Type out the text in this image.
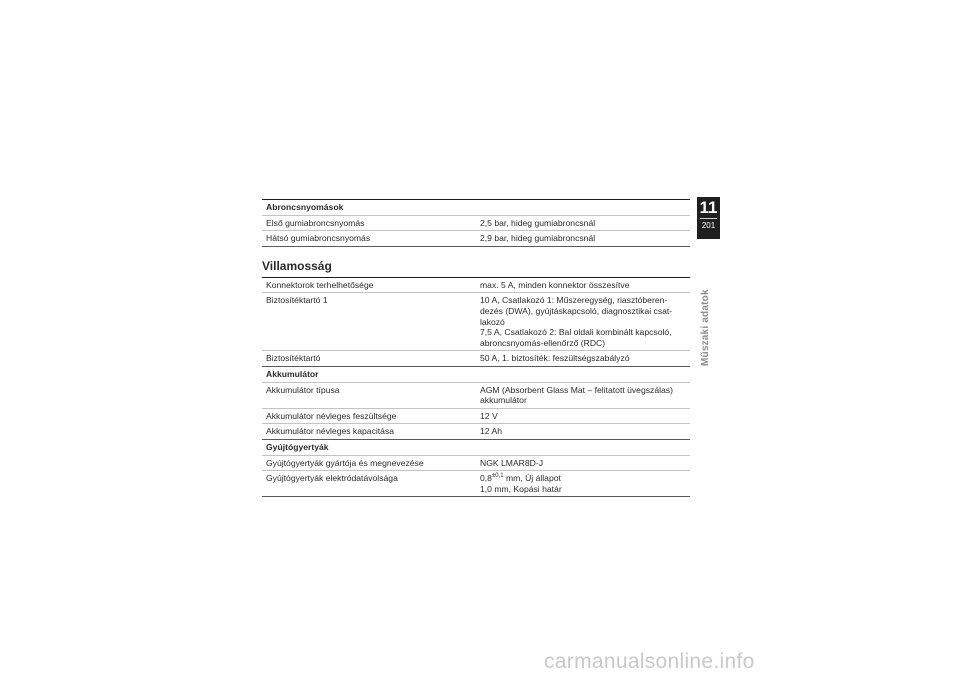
Abroncsnyomások
Első gumiabroncsnyomás	2,5 bar, hideg gumiabroncsnál
Hátsó gumiabroncsnyomás	2,9 bar, hideg gumiabroncsnál
Villamosság
Konnektorok terhelhetősége	max. 5 A, minden konnektor összesítve
Biztosítéktartó 1	10 A, Csatlakozó 1: Műszeregység, riasztóberen-
dezés (DWA), gyújtáskapcsoló, diagnosztikai csat-
lakozó
7,5 A, Csatlakozó 2: Bal oldali kombinált kapcsoló,
abroncsnyomás-ellenőrző (RDC)
Biztosítéktartó	50 A, 1. biztosíték: feszültségszabályzó
Akkumulátor
Akkumulátor típusa	AGM (Absorbent Glass Mat – felitatott üvegszálas)
akkumulátor
Akkumulátor névleges feszültsége	12 V
Akkumulátor névleges kapacitása	12 Ah
Gyújtógyertyák
Gyújtógyertyák gyártója és megnevezése	NGK LMAR8D-J
Gyújtógyertyák elektródatávolsága	$0,8^{\pm 0,1}$ mm, Új állapot
1,0 mm, Kopási határ
11
201
Műszaki adatok
carmanualsonline.info
